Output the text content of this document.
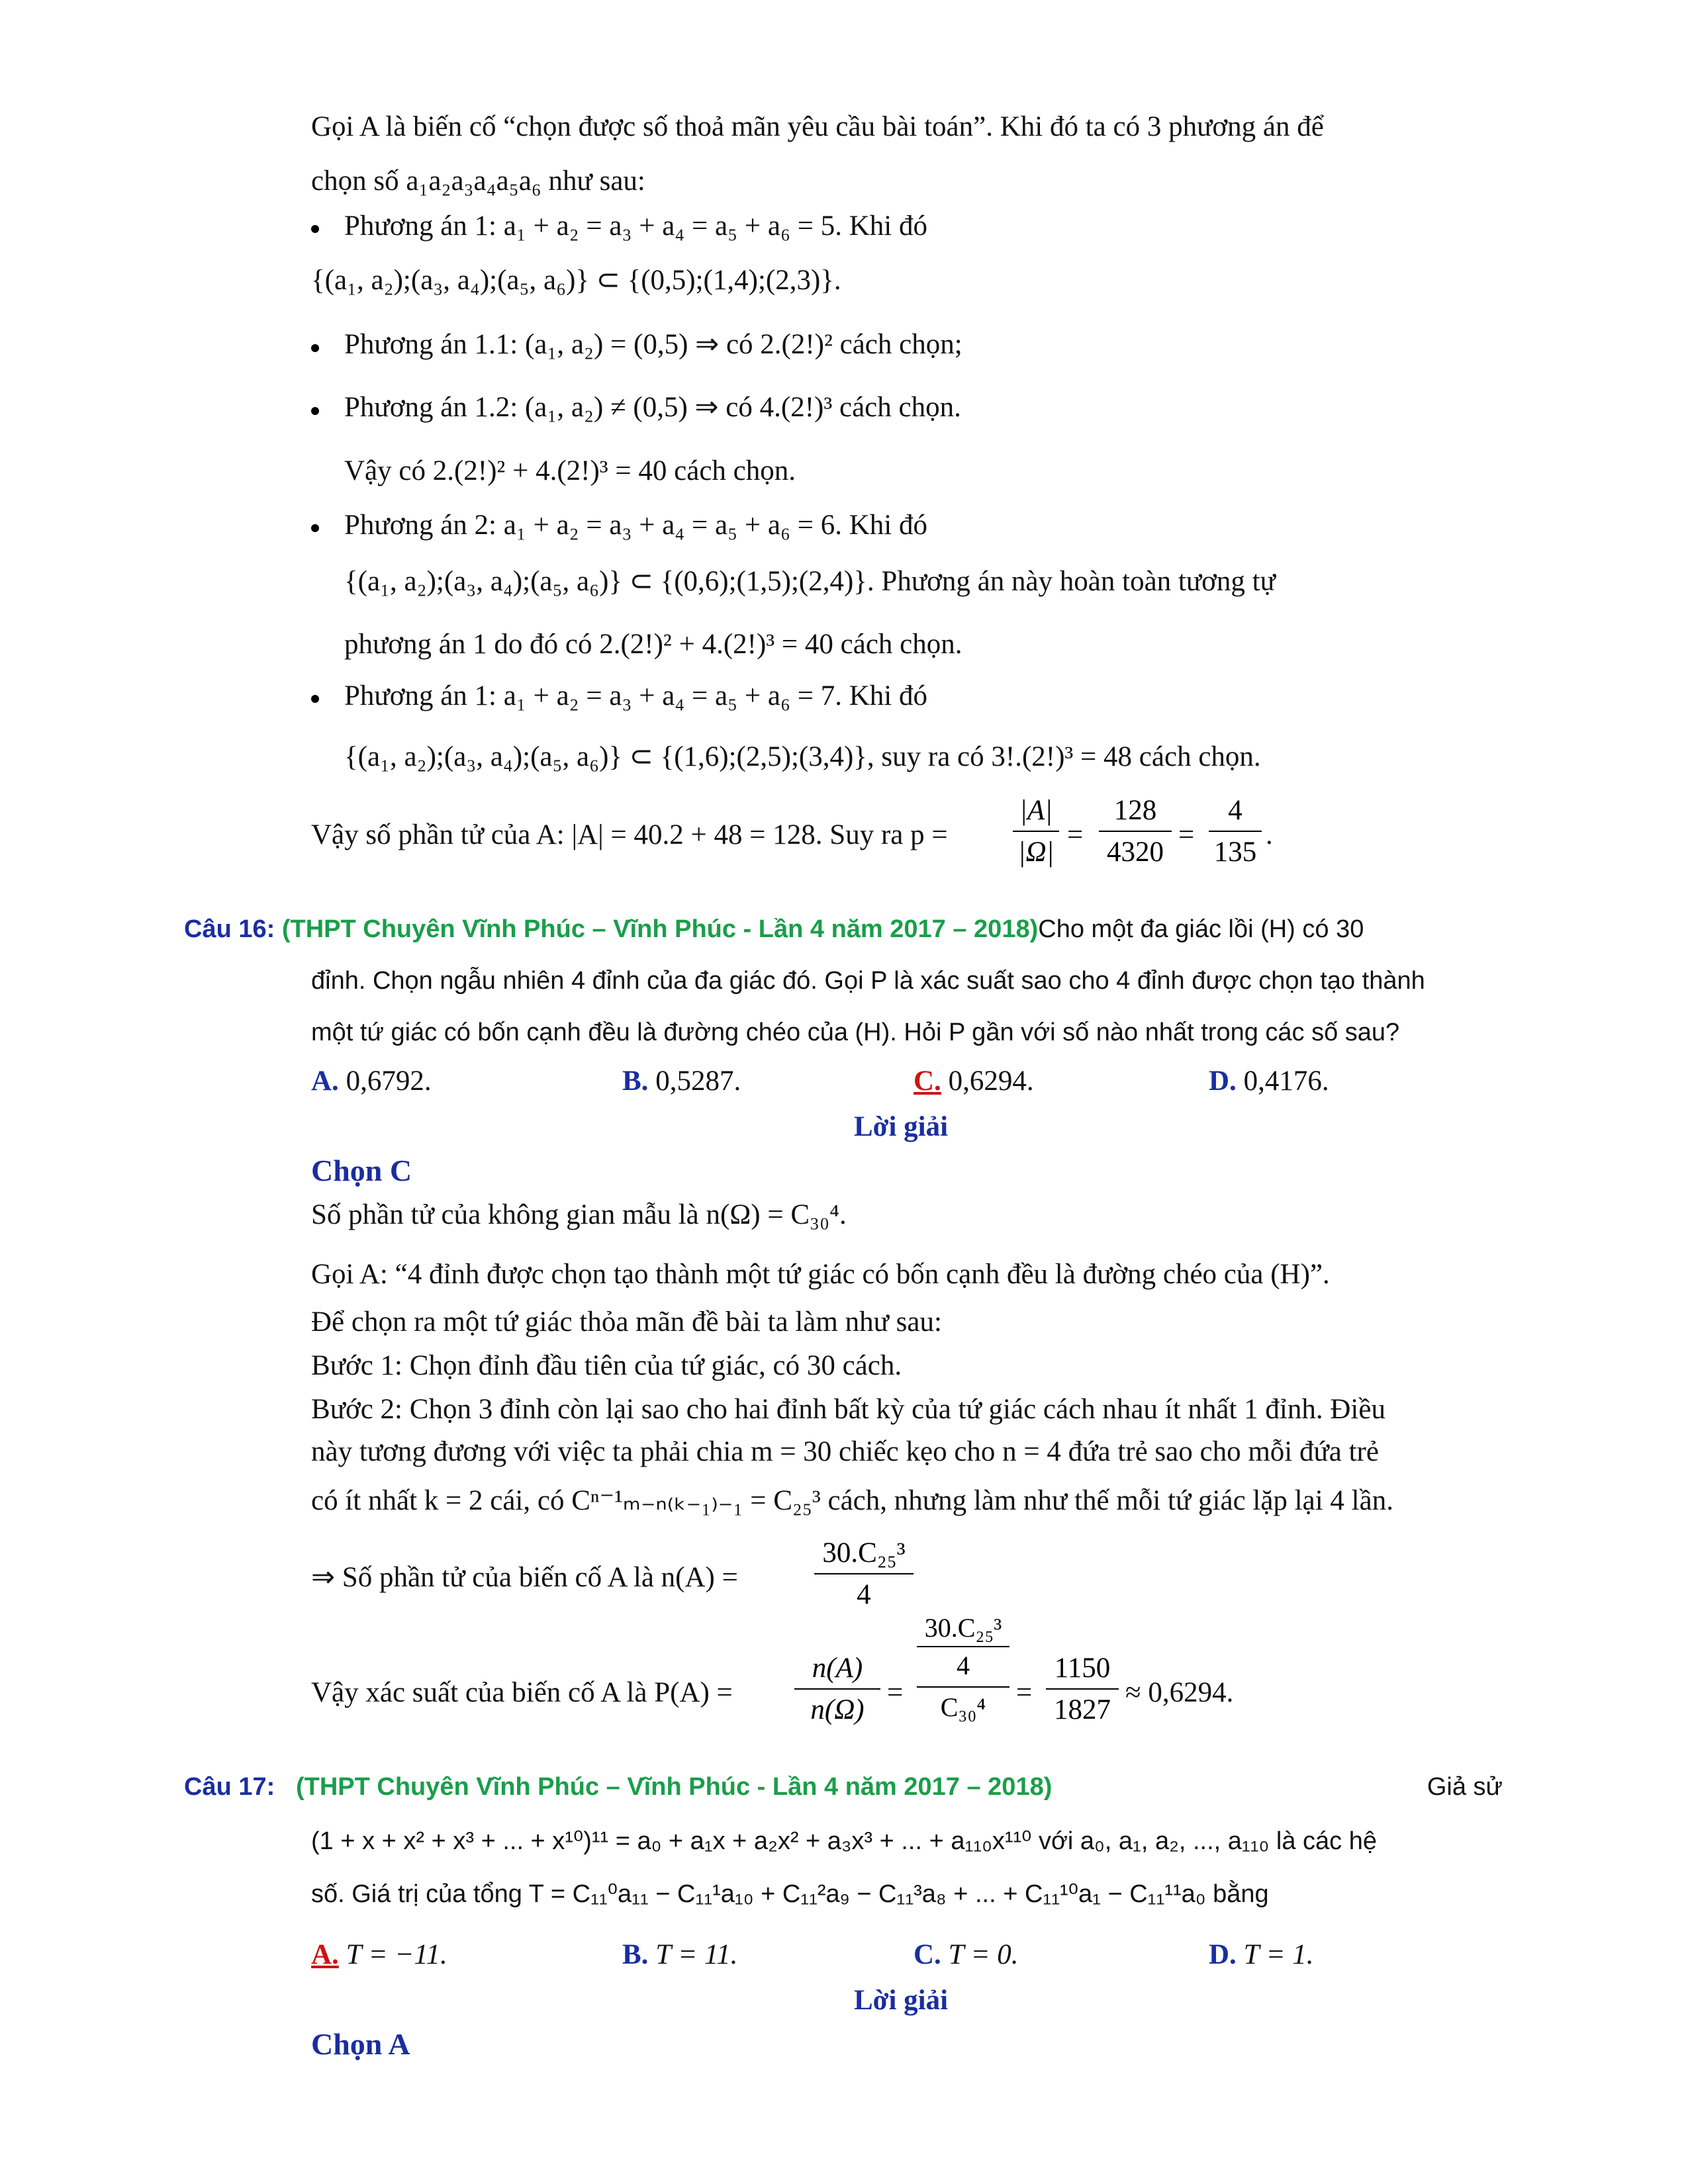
Gọi A là biến cố “chọn được số thoả mãn yêu cầu bài toán”. Khi đó ta có 3 phương án để
chọn số a₁a₂a₃a₄a₅a₆ như sau:
Phương án 1: a₁ + a₂ = a₃ + a₄ = a₅ + a₆ = 5. Khi đó
{(a₁, a₂);(a₃, a₄);(a₅, a₆)} ⊂ {(0,5);(1,4);(2,3)}.
Phương án 1.1: (a₁, a₂) = (0,5) ⇒ có 2.(2!)² cách chọn;
Phương án 1.2: (a₁, a₂) ≠ (0,5) ⇒ có 4.(2!)³ cách chọn.
Vậy có 2.(2!)² + 4.(2!)³ = 40 cách chọn.
Phương án 2: a₁ + a₂ = a₃ + a₄ = a₅ + a₆ = 6. Khi đó
{(a₁, a₂);(a₃, a₄);(a₅, a₆)} ⊂ {(0,6);(1,5);(2,4)}. Phương án này hoàn toàn tương tự
phương án 1 do đó có 2.(2!)² + 4.(2!)³ = 40 cách chọn.
Phương án 1: a₁ + a₂ = a₃ + a₄ = a₅ + a₆ = 7. Khi đó
{(a₁, a₂);(a₃, a₄);(a₅, a₆)} ⊂ {(1,6);(2,5);(3,4)}, suy ra có 3!.(2!)³ = 48 cách chọn.
Vậy số phần tử của A: |A| = 40.2 + 48 = 128. Suy ra $p = \frac{|A|}{|\Omega|} = \frac{128}{4320} = \frac{4}{135}$ .
Câu 16: (THPT Chuyên Vĩnh Phúc – Vĩnh Phúc - Lần 4 năm 2017 – 2018)Cho một đa giác lồi (H) có 30
đỉnh. Chọn ngẫu nhiên 4 đỉnh của đa giác đó. Gọi P là xác suất sao cho 4 đỉnh được chọn tạo thành
một tứ giác có bốn cạnh đều là đường chéo của (H). Hỏi P gần với số nào nhất trong các số sau?
A. 0,6792.	B. 0,5287.	C. 0,6294.	D. 0,4176.
Lời giải
Chọn C
Số phần tử của không gian mẫu là n(Ω) = C₃₀⁴.
Gọi A: “4 đỉnh được chọn tạo thành một tứ giác có bốn cạnh đều là đường chéo của (H)”.
Để chọn ra một tứ giác thỏa mãn đề bài ta làm như sau:
Bước 1: Chọn đỉnh đầu tiên của tứ giác, có 30 cách.
Bước 2: Chọn 3 đỉnh còn lại sao cho hai đỉnh bất kỳ của tứ giác cách nhau ít nhất 1 đỉnh. Điều
này tương đương với việc ta phải chia m = 30 chiếc kẹo cho n = 4 đứa trẻ sao cho mỗi đứa trẻ
có ít nhất k = 2 cái, có Cⁿ⁻¹ₘ₋ₙ₍ₖ₋₁₎₋₁ = C₂₅³ cách, nhưng làm như thế mỗi tứ giác lặp lại 4 lần.
⇒ Số phần tử của biến cố A là n(A) =	$\frac{\text{30.C₂₅³}}{4}$
Vậy xác suất của biến cố A là $P(A) = \frac{n(A)}{n(\Omega)}$ =
30.C₂₅³
4
C₃₀⁴	= $\frac{1150}{1827} \approx 0,6294$.
Câu 17: (THPT Chuyên Vĩnh Phúc – Vĩnh Phúc - Lần 4 năm 2017 – 2018)	Giả sử
(1 + x + x² + x³ + ... + x¹⁰)¹¹ = a₀ + a₁x + a₂x² + a₃x³ + ... + a₁₁₀x¹¹⁰ với a₀, a₁, a₂, ..., a₁₁₀ là các hệ
số. Giá trị của tổng T = C₁₁⁰a₁₁ − C₁₁¹a₁₀ + C₁₁²a₉ − C₁₁³a₈ + ... + C₁₁¹⁰a₁ − C₁₁¹¹a₀ bằng
A. T = −11.	B. T = 11.	C. T = 0.	D. T = 1.
Lời giải
Chọn A
